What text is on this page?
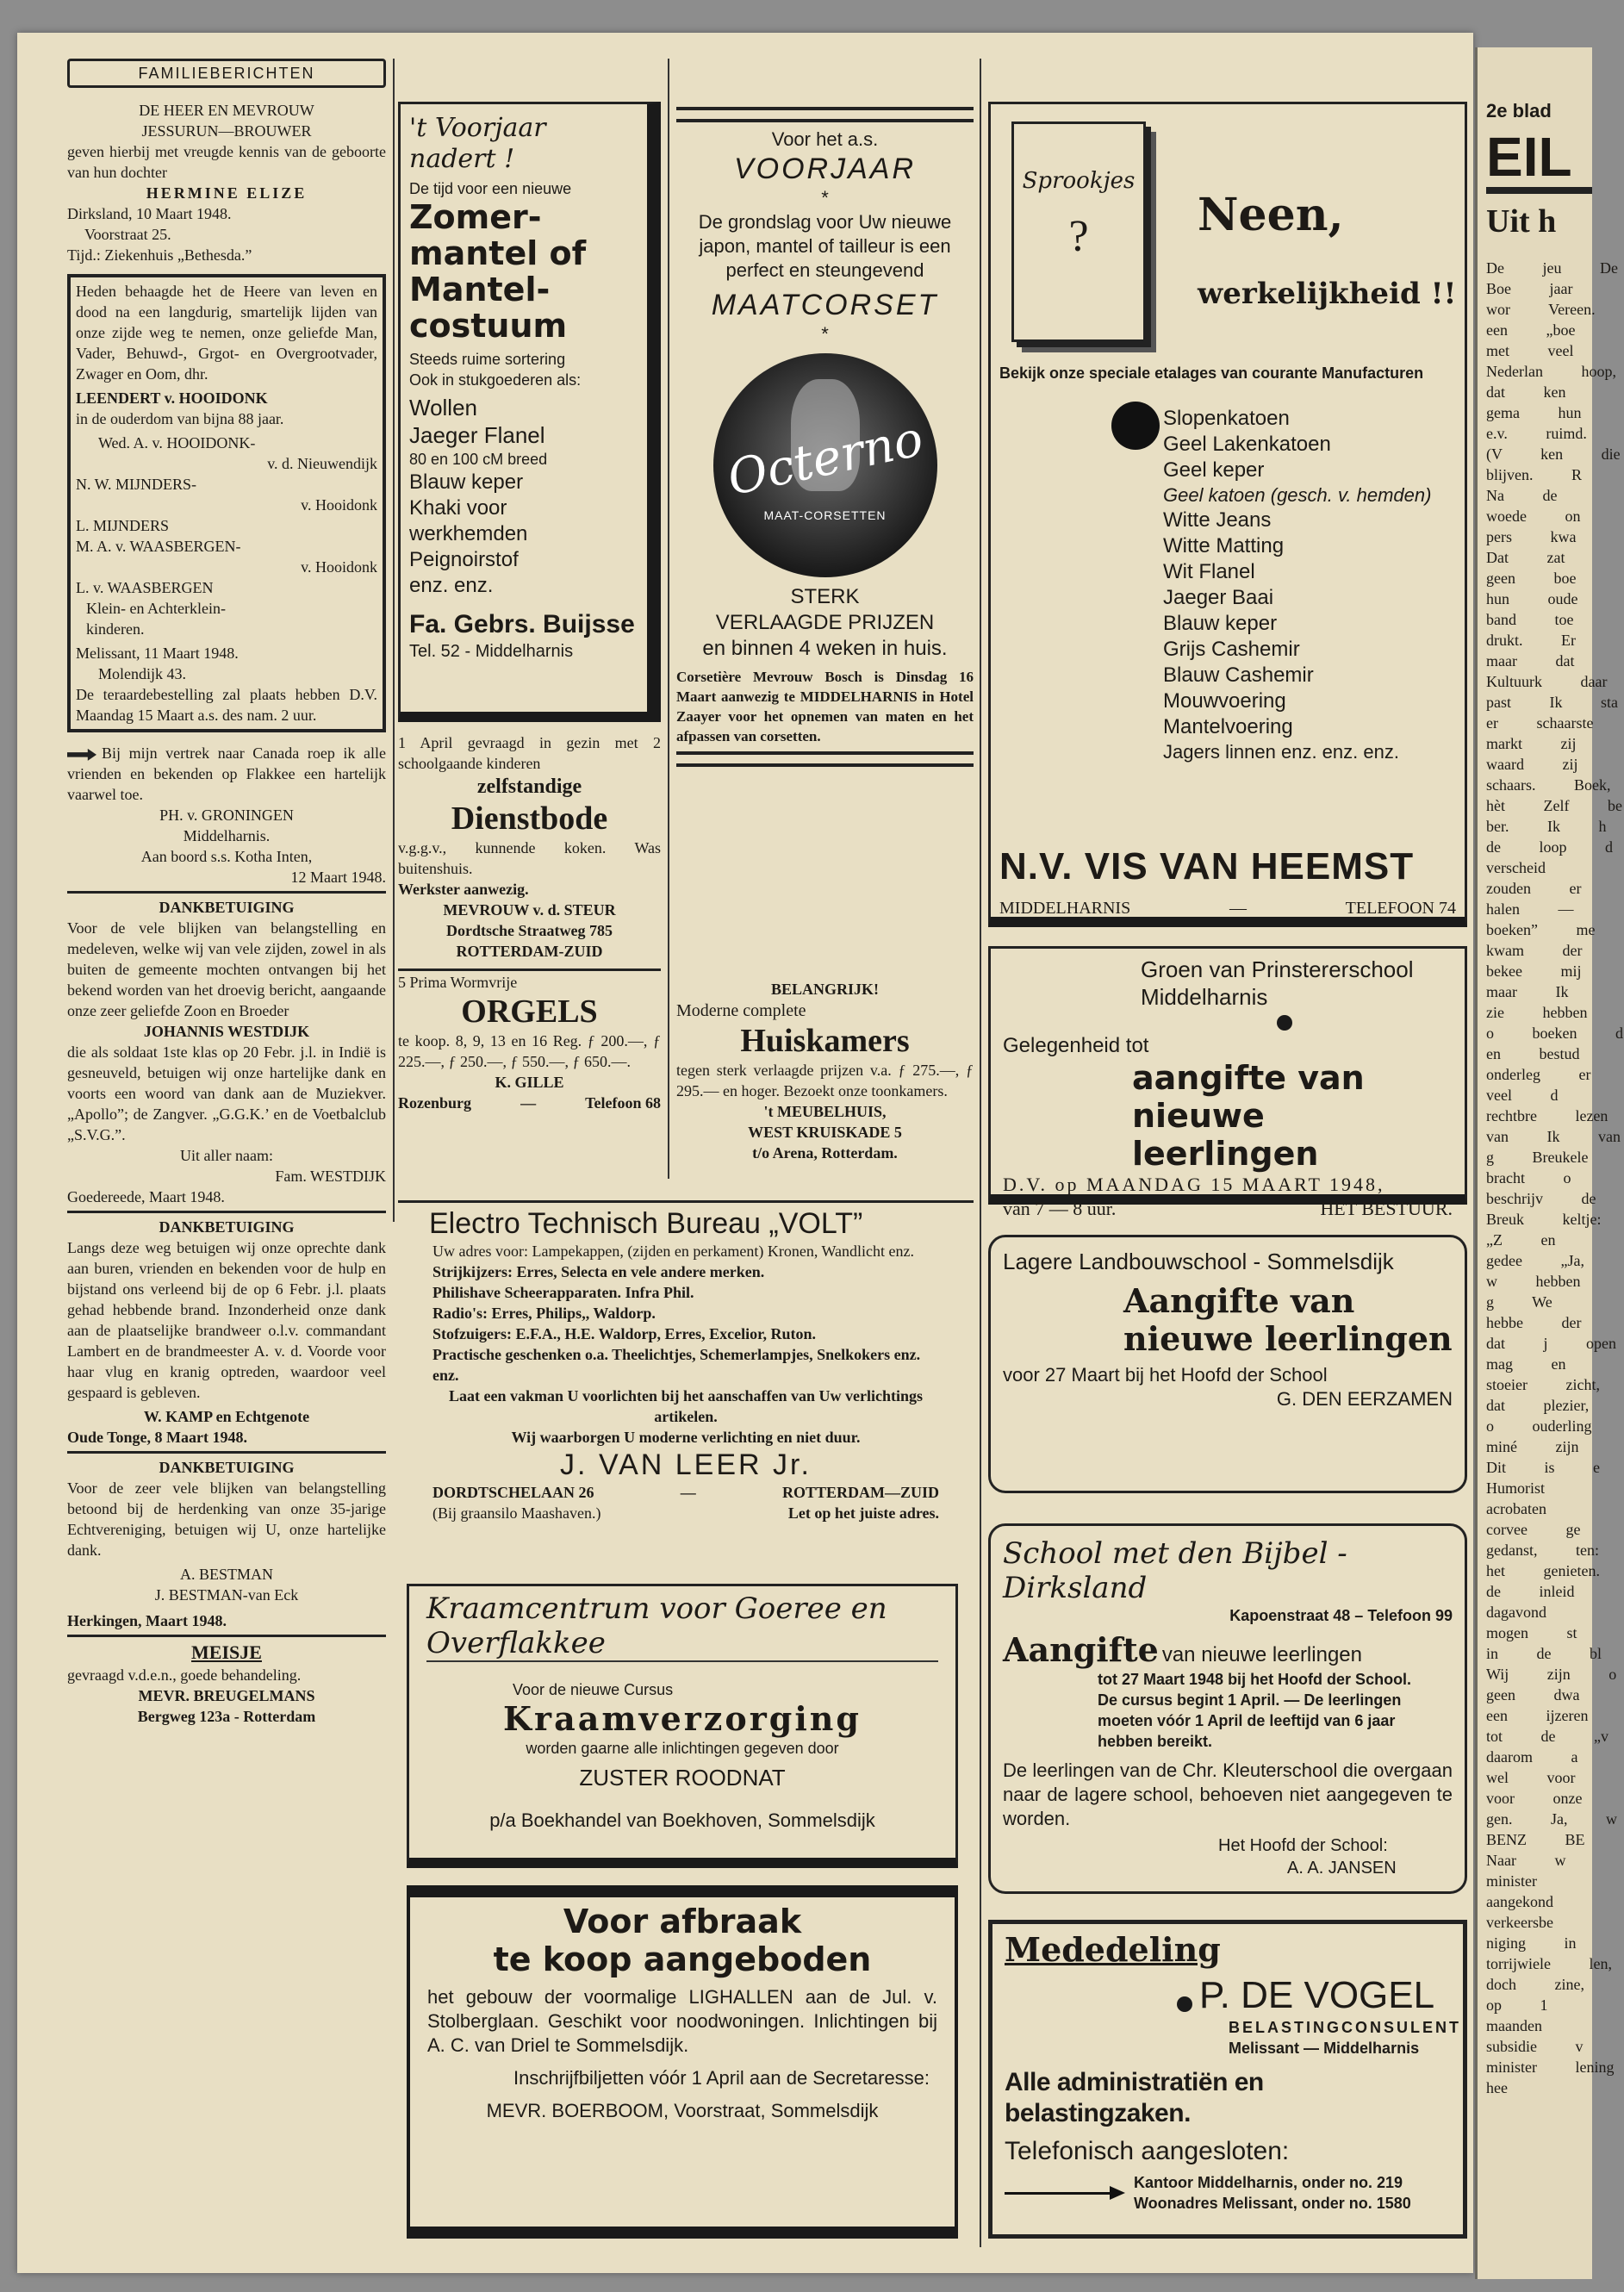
FAMILIEBERICHTEN

DE HEER EN MEVROUW

JESSURUN—BROUWER

geven hierbij met vreugde kennis van de geboorte van hun dochter

HERMINE ELIZE

Dirksland, 10 Maart 1948.

Voorstraat 25.

Tijd.: Ziekenhuis „Bethesda.”

Heden behaagde het de Heere van leven en dood na een langdurig, smartelijk lijden van onze zijde weg te nemen, onze geliefde Man, Vader, Behuwd-, Grgot- en Overgrootvader, Zwager en Oom, dhr.

LEENDERT v. HOOIDONK

in de ouderdom van bijna 88 jaar.

Wed. A. v. HOOIDONK-

v. d. Nieuwendijk

N. W. MIJNDERS-

v. Hooidonk

L. MIJNDERS

M. A. v. WAASBERGEN-

v. Hooidonk

L. v. WAASBERGEN

Klein- en Achterklein-

kinderen.

Melissant, 11 Maart 1948.

Molendijk 43.

De teraardebestelling zal plaats hebben D.V. Maandag 15 Maart a.s. des nam. 2 uur.

Bij mijn vertrek naar Canada roep ik alle vrienden en bekenden op Flakkee een hartelijk vaarwel toe.

PH. v. GRONINGEN

Middelharnis.

Aan boord s.s. Kotha Inten,

12 Maart 1948.

DANKBETUIGING

Voor de vele blijken van belangstelling en medeleven, welke wij van vele zijden, zowel in als buiten de gemeente mochten ontvangen bij het bekend worden van het droevig bericht, aangaande onze zeer geliefde Zoon en Broeder

JOHANNIS WESTDIJK

die als soldaat 1ste klas op 20 Febr. j.l. in Indië is gesneuveld, betuigen wij onze hartelijke dank en voorts een woord van dank aan de Muziekver. „Apollo”; de Zangver. „G.G.K.’ en de Voetbalclub „S.V.G.”.

Uit aller naam:

Fam. WESTDIJK

Goedereede, Maart 1948.

DANKBETUIGING

Langs deze weg betuigen wij onze oprechte dank aan buren, vrienden en bekenden voor de hulp en bijstand ons verleend bij de op 6 Febr. j.l. plaats gehad hebbende brand. Inzonderheid onze dank aan de plaatselijke brandweer o.l.v. commandant Lambert en de brandmeester A. v. d. Voorde voor haar vlug en kranig optreden, waardoor veel gespaard is gebleven.

W. KAMP en Echtgenote

Oude Tonge, 8 Maart 1948.

DANKBETUIGING

Voor de zeer vele blijken van belangstelling betoond bij de herdenking van onze 35-jarige Echtvereniging, betuigen wij U, onze hartelijke dank.

A. BESTMAN

J. BESTMAN-van Eck

Herkingen, Maart 1948.

MEISJE

gevraagd v.d.e.n., goede behandeling.

MEVR. BREUGELMANS

Bergweg 123a - Rotterdam

't Voorjaar nadert !

De tijd voor een nieuwe

Zomer-mantel of Mantel-costuum

Steeds ruime sortering

Ook in stukgoederen als:

Wollen

Jaeger Flanel

80 en 100 cM breed

Blauw keper

Khaki voor

werkhemden

Peignoirstof

enz. enz.

Fa. Gebrs. Buijsse

Tel. 52 - Middelharnis

1 April gevraagd in gezin met 2 schoolgaande kinderen

zelfstandige

Dienstbode

v.g.g.v., kunnende koken. Was buitenshuis.

Werkster aanwezig.

MEVROUW v. d. STEUR

Dordtsche Straatweg 785

ROTTERDAM-ZUID

5 Prima Wormvrije

ORGELS

te koop. 8, 9, 13 en 16 Reg. ƒ 200.—, ƒ 225.—, ƒ 250.—, ƒ 550.—, ƒ 650.—.

K. GILLE

Rozenburg	—	Telefoon 68

Voor het a.s.

VOORJAAR

*

De grondslag voor Uw nieuwe japon, mantel of tailleur is een perfect en steungevend

MAATCORSET

*

Octerno

MAAT-CORSETTEN

STERK

VERLAAGDE PRIJZEN

en binnen 4 weken in huis.

Corsetière Mevrouw Bosch is Dinsdag 16 Maart aanwezig te MIDDELHARNIS in Hotel Zaayer voor het opnemen van maten en het afpassen van corsetten.

BELANGRIJK!

Moderne complete

Huiskamers

tegen sterk verlaagde prijzen v.a. ƒ 275.—, ƒ 295.— en hoger. Bezoekt onze toonkamers.

't MEUBELHUIS,

WEST KRUISKADE 5

t/o Arena, Rotterdam.

Electro Technisch Bureau „VOLT”

Uw adres voor: Lampekappen, (zijden en perkament) Kronen, Wandlicht enz.

Strijkijzers: Erres, Selecta en vele andere merken.

Philishave Scheerapparaten. Infra Phil.

Radio's: Erres, Philips,, Waldorp.

Stofzuigers: E.F.A., H.E. Waldorp, Erres, Excelior, Ruton.

Practische geschenken o.a. Theelichtjes, Schemerlampjes, Snelkokers enz. enz.

Laat een vakman U voorlichten bij het aanschaffen van Uw verlichtings artikelen.

Wij waarborgen U moderne verlichting en niet duur.

J. VAN LEER Jr.

DORDTSCHELAAN 26	—	ROTTERDAM—ZUID

(Bij graansilo Maashaven.)	Let op het juiste adres.

Kraamcentrum voor Goeree en Overflakkee

Voor de nieuwe Cursus

Kraamverzorging

worden gaarne alle inlichtingen gegeven door

ZUSTER ROODNAT

p/a Boekhandel van Boekhoven, Sommelsdijk

Voor afbraak

te koop aangeboden

het gebouw der voormalige LIGHALLEN aan de Jul. v. Stolberglaan. Geschikt voor noodwoningen. Inlichtingen bij A. C. van Driel te Sommelsdijk.

Inschrijfbiljetten vóór 1 April aan de Secretaresse:

MEVR. BOERBOOM, Voorstraat, Sommelsdijk

Sprookjes

?	Neen,

werkelijkheid !!

Bekijk onze speciale etalages van courante Manufacturen

Slopenkatoen

Geel Lakenkatoen

Geel keper

Geel katoen (gesch. v. hemden)

Witte Jeans

Witte Matting

Wit Flanel

Jaeger Baai

Blauw keper

Grijs Cashemir

Blauw Cashemir

Mouwvoering

Mantelvoering

Jagers linnen enz. enz. enz.

N.V. VIS VAN HEEMST

MIDDELHARNIS	—	TELEFOON 74

Groen van Prinstererschool

Middelharnis

Gelegenheid tot

aangifte van

nieuwe leerlingen

D.V. op MAANDAG 15 MAART 1948,

van 7 — 8 uur.	HET BESTUUR.

Lagere Landbouwschool - Sommelsdijk

Aangifte van

nieuwe leerlingen

voor 27 Maart bij het Hoofd der School

G. DEN EERZAMEN

School met den Bijbel - Dirksland

Kapoenstraat 48 – Telefoon 99

Aangifte van nieuwe leerlingen

tot 27 Maart 1948 bij het Hoofd der School.

De cursus begint 1 April. — De leerlingen moeten vóór 1 April de leeftijd van 6 jaar hebben bereikt.

De leerlingen van de Chr. Kleuterschool die overgaan naar de lagere school, behoeven niet aangegeven te worden.

Het Hoofd der School:

A. A. JANSEN

Mededeling

P. DE VOGEL

BELASTINGCONSULENT

Melissant — Middelharnis

Alle administratiën en belastingzaken.

Telefonisch aangesloten:

Kantoor Middelharnis, onder no. 219

Woonadres Melissant, onder no. 1580

2e blad

EIL

Uit h

De jeu De Boe jaar wor Vereen. een „boe met veel Nederlan hoop, dat ken gema hun e.v. ruimd. (V ken die blijven. R Na de woede on pers kwa Dat zat geen boe hun oude band toe drukt. Er maar dat Kultuurk daar past Ik sta er schaarste markt zij waard zij schaars. Boek, hèt Zelf be ber. Ik h de loop d verscheid zouden er halen — boeken” me kwam der bekee mij maar Ik zie hebben o boeken d en bestud onderleg er veel d rechtbre lezen van Ik van g Breukele bracht o beschrijv de Breuk keltje: „Z en gedee „Ja, w hebben g We hebbe der dat j open mag en stoeier zicht, dat plezier, o ouderling miné zijn Dit is e Humorist acrobaten corvee ge gedanst, ten: het genieten. de inleid dagavond mogen st in de bl Wij zijn o geen dwa een ijzeren tot de „v daarom a wel voor voor onze gen. Ja, w BENZ BE Naar w minister aangekond verkeersbe niging in torrijwiele len, doch zine, op 1 maanden subsidie v minister lening hee
